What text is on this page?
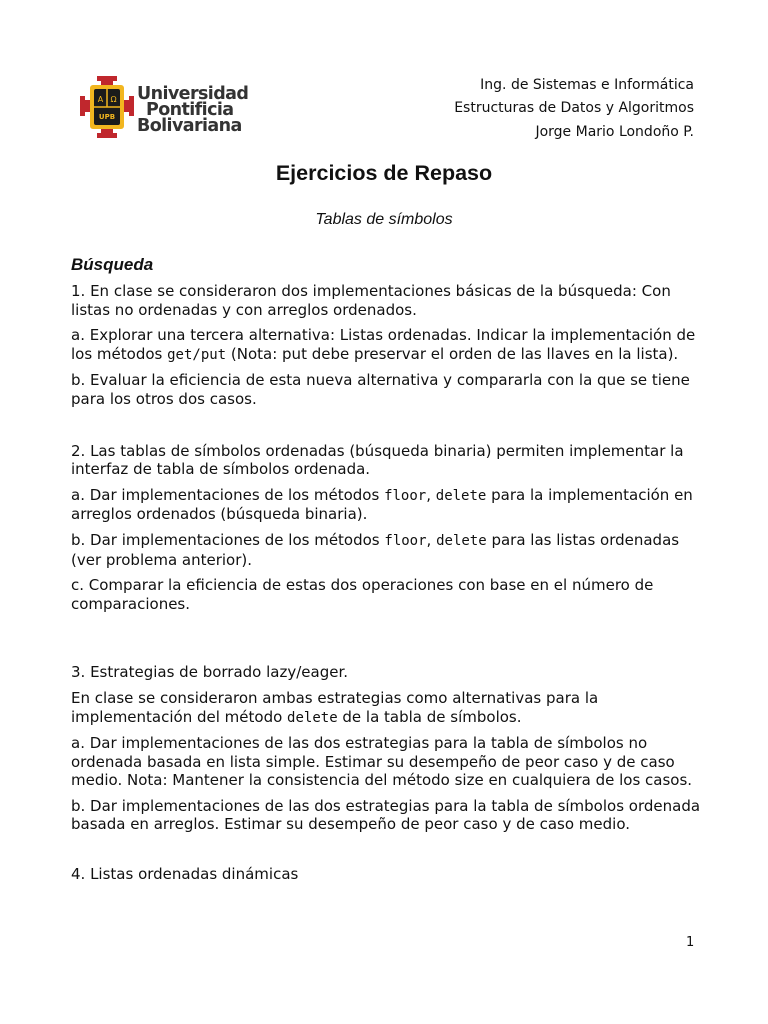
A Ω
UPB
Universidad
Pontificia
Bolivariana
Ing. de Sistemas e Informática
Estructuras de Datos y Algoritmos
Jorge Mario Londoño P.
Ejercicios de Repaso
Tablas de símbolos
Búsqueda

1. En clase se consideraron dos implementaciones básicas de la búsqueda: Con listas no ordenadas y con arreglos ordenados.

a. Explorar una tercera alternativa: Listas ordenadas. Indicar la implementación de los métodos get/put (Nota: put debe preservar el orden de las llaves en la lista).

b. Evaluar la eficiencia de esta nueva alternativa y compararla con la que se tiene para los otros dos casos.

2. Las tablas de símbolos ordenadas (búsqueda binaria) permiten implementar la interfaz de tabla de símbolos ordenada.

a. Dar implementaciones de los métodos floor, delete para la implementación en arreglos ordenados (búsqueda binaria).

b. Dar implementaciones de los métodos floor, delete para las listas ordenadas (ver problema anterior).

c. Comparar la eficiencia de estas dos operaciones con base en el número de comparaciones.

3. Estrategias de borrado lazy/eager.

En clase se consideraron ambas estrategias como alternativas para la implementación del método delete de la tabla de símbolos.

a. Dar implementaciones de las dos estrategias para la tabla de símbolos no ordenada basada en lista simple. Estimar su desempeño de peor caso y de caso medio. Nota: Mantener la consistencia del método size en cualquiera de los casos.

b. Dar implementaciones de las dos estrategias para la tabla de símbolos ordenada basada en arreglos. Estimar su desempeño de peor caso y de caso medio.

4. Listas ordenadas dinámicas

1
